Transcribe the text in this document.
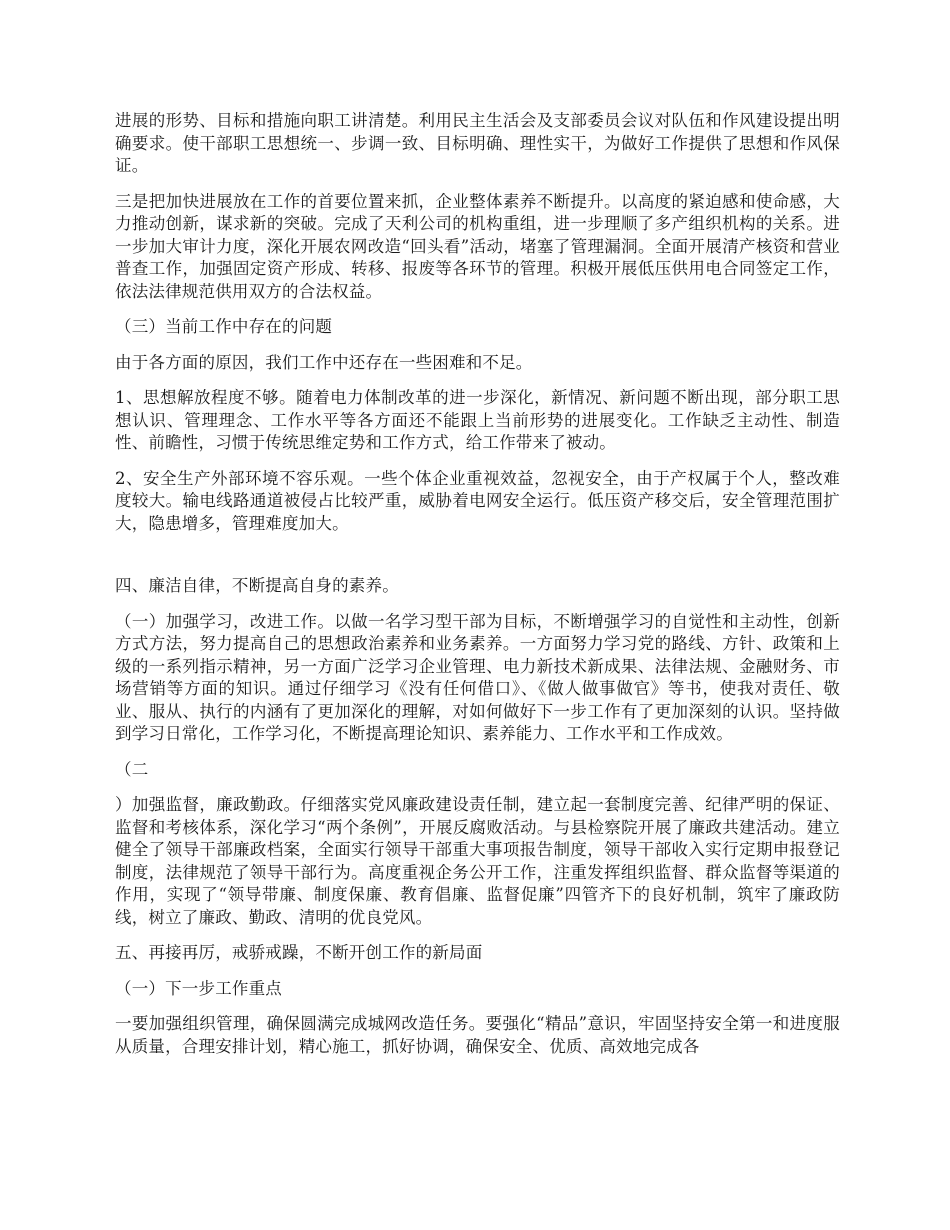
进展的形势、目标和措施向职工讲清楚。利用民主生活会及支部委员会议对队伍和作风建设提出明确要求。使干部职工思想统一、步调一致、目标明确、理性实干，为做好工作提供了思想和作风保证。

三是把加快进展放在工作的首要位置来抓，企业整体素养不断提升。以高度的紧迫感和使命感，大力推动创新，谋求新的突破。完成了天利公司的机构重组，进一步理顺了多产组织机构的关系。进一步加大审计力度，深化开展农网改造“回头看”活动，堵塞了管理漏洞。全面开展清产核资和营业普查工作，加强固定资产形成、转移、报废等各环节的管理。积极开展低压供用电合同签定工作，依法法律规范供用双方的合法权益。

（三）当前工作中存在的问题

由于各方面的原因，我们工作中还存在一些困难和不足。

1、思想解放程度不够。随着电力体制改革的进一步深化，新情况、新问题不断出现，部分职工思想认识、管理理念、工作水平等各方面还不能跟上当前形势的进展变化。工作缺乏主动性、制造性、前瞻性，习惯于传统思维定势和工作方式，给工作带来了被动。

2、安全生产外部环境不容乐观。一些个体企业重视效益，忽视安全，由于产权属于个人，整改难度较大。输电线路通道被侵占比较严重，威胁着电网安全运行。低压资产移交后，安全管理范围扩大，隐患增多，管理难度加大。

四、廉洁自律，不断提高自身的素养。

（一）加强学习，改进工作。以做一名学习型干部为目标，不断增强学习的自觉性和主动性，创新方式方法，努力提高自己的思想政治素养和业务素养。一方面努力学习党的路线、方针、政策和上级的一系列指示精神，另一方面广泛学习企业管理、电力新技术新成果、法律法规、金融财务、市场营销等方面的知识。通过仔细学习《没有任何借口》、《做人做事做官》等书，使我对责任、敬业、服从、执行的内涵有了更加深化的理解，对如何做好下一步工作有了更加深刻的认识。坚持做到学习日常化，工作学习化，不断提高理论知识、素养能力、工作水平和工作成效。

（二

）加强监督，廉政勤政。仔细落实党风廉政建设责任制，建立起一套制度完善、纪律严明的保证、监督和考核体系，深化学习“两个条例”，开展反腐败活动。与县检察院开展了廉政共建活动。建立健全了领导干部廉政档案，全面实行领导干部重大事项报告制度，领导干部收入实行定期申报登记制度，法律规范了领导干部行为。高度重视企务公开工作，注重发挥组织监督、群众监督等渠道的作用，实现了“领导带廉、制度保廉、教育倡廉、监督促廉”四管齐下的良好机制，筑牢了廉政防线，树立了廉政、勤政、清明的优良党风。

五、再接再厉，戒骄戒躁，不断开创工作的新局面

（一）下一步工作重点

一要加强组织管理，确保圆满完成城网改造任务。要强化“精品”意识，牢固坚持安全第一和进度服从质量，合理安排计划，精心施工，抓好协调，确保安全、优质、高效地完成各
